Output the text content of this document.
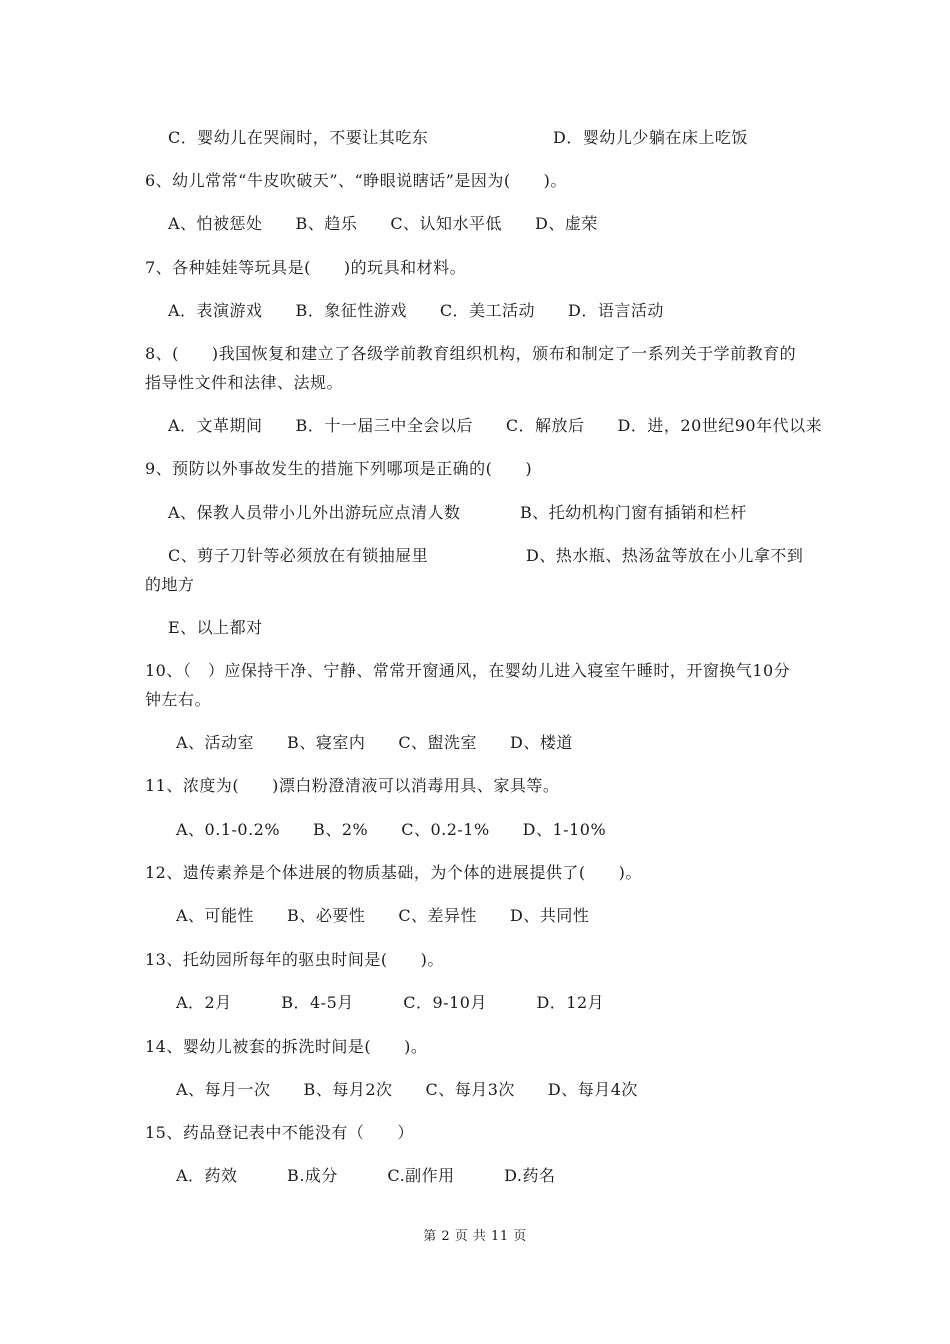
C．婴幼儿在哭闹时，不要让其吃东	D．婴幼儿少躺在床上吃饭
6、幼儿常常“牛皮吹破天”、“睁眼说瞎话”是因为(　　)。
A、怕被惩处　　B、趋乐　　C、认知水平低　　D、虚荣
7、各种娃娃等玩具是(　　)的玩具和材料。
A．表演游戏　　B．象征性游戏　　C．美工活动　　D．语言活动
8、(　　)我国恢复和建立了各级学前教育组织机构，颁布和制定了一系列关于学前教育的
指导性文件和法律、法规。
A．文革期间　　B．十一届三中全会以后　　C．解放后　　D．进，20世纪90年代以来
9、预防以外事故发生的措施下列哪项是正确的(　　)
A、保教人员带小儿外出游玩应点清人数	B、托幼机构门窗有插销和栏杆
C、剪子刀针等必须放在有锁抽屉里	D、热水瓶、热汤盆等放在小儿拿不到
的地方
E、以上都对
10、（　）应保持干净、宁静、常常开窗通风，在婴幼儿进入寝室午睡时，开窗换气10分
钟左右。
A、活动室　　B、寝室内　　C、盥洗室　　D、楼道
11、浓度为(　　)漂白粉澄清液可以消毒用具、家具等。
A、0.1-0.2%　　B、2%　　C、0.2-1%　　D、1-10%
12、遗传素养是个体进展的物质基础，为个体的进展提供了(　　)。
A、可能性　　B、必要性　　C、差异性　　D、共同性
13、托幼园所每年的驱虫时间是(　　)。
A．2月　　　B．4-5月　　　C．9-10月　　　D．12月
14、婴幼儿被套的拆洗时间是(　　)。
A、每月一次　　B、每月2次　　C、每月3次　　D、每月4次
15、药品登记表中不能没有（　　）
A．药效　　　B.成分　　　C.副作用　　　D.药名
第 2 页 共 11 页
